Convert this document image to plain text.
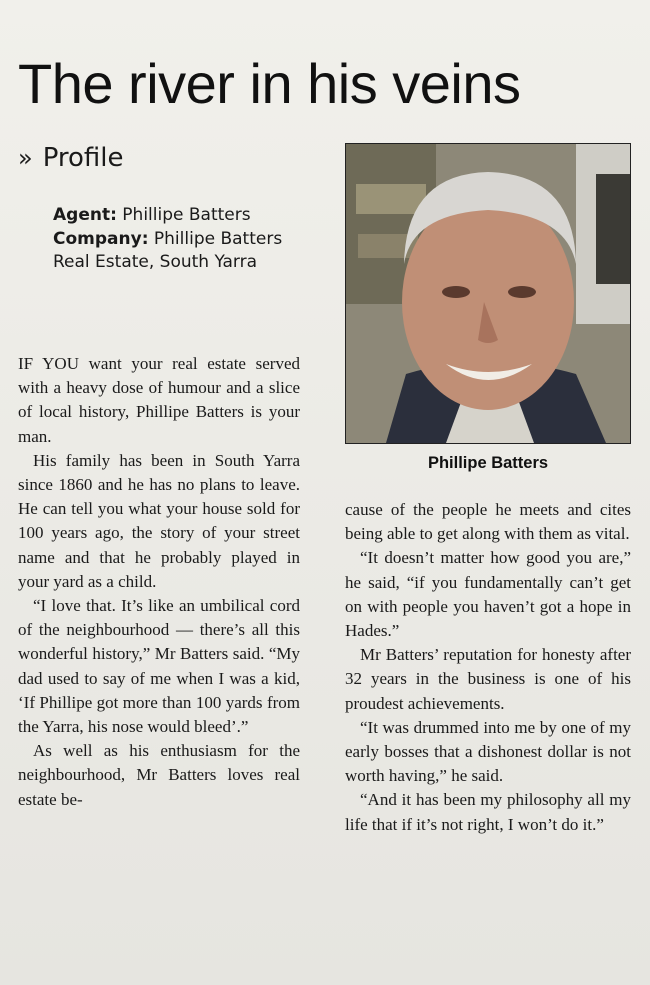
The river in his veins
» Profile
Agent: Phillipe Batters
Company: Phillipe Batters Real Estate, South Yarra
Phillipe Batters

IF YOU want your real estate served with a heavy dose of humour and a slice of local history, Phillipe Batters is your man.

His family has been in South Yarra since 1860 and he has no plans to leave. He can tell you what your house sold for 100 years ago, the story of your street name and that he probably played in your yard as a child.

“I love that. It’s like an umbilical cord of the neighbourhood — there’s all this wonderful history,” Mr Batters said. “My dad used to say of me when I was a kid, ‘If Phillipe got more than 100 yards from the Yarra, his nose would bleed’.”

As well as his enthusiasm for the neighbourhood, Mr Batters loves real estate be-

cause of the people he meets and cites being able to get along with them as vital.

“It doesn’t matter how good you are,” he said, “if you fundamentally can’t get on with people you haven’t got a hope in Hades.”

Mr Batters’ reputation for honesty after 32 years in the business is one of his proudest achievements.

“It was drummed into me by one of my early bosses that a dishonest dollar is not worth having,” he said.

“And it has been my philosophy all my life that if it’s not right, I won’t do it.”
